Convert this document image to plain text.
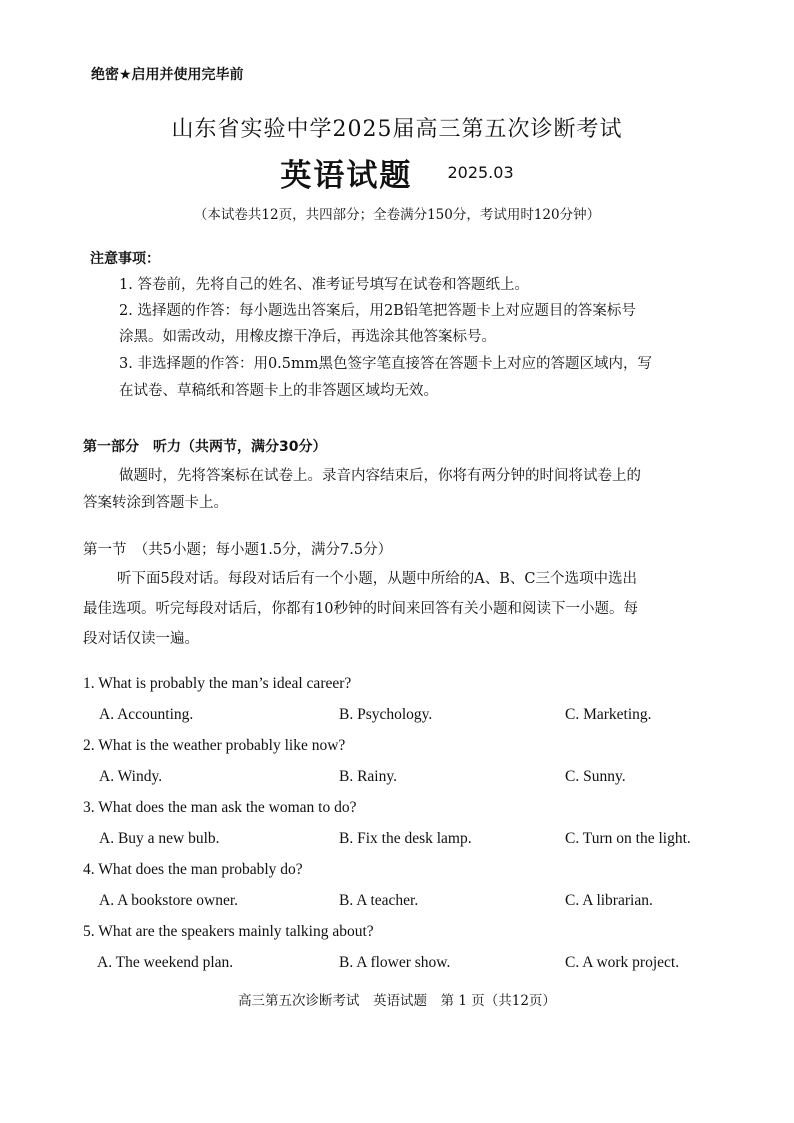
绝密★启用并使用完毕前
山东省实验中学2025届高三第五次诊断考试
英语试题 2025.03
（本试卷共12页，共四部分；全卷满分150分，考试用时120分钟）
注意事项：
1. 答卷前，先将自己的姓名、准考证号填写在试卷和答题纸上。
2. 选择题的作答：每小题选出答案后，用2B铅笔把答题卡上对应题目的答案标号
涂黑。如需改动，用橡皮擦干净后，再选涂其他答案标号。
3. 非选择题的作答：用0.5mm黑色签字笔直接答在答题卡上对应的答题区域内，写
在试卷、草稿纸和答题卡上的非答题区域均无效。
第一部分　听力（共两节，满分30分）
做题时，先将答案标在试卷上。录音内容结束后，你将有两分钟的时间将试卷上的
答案转涂到答题卡上。
第一节　（共5小题；每小题1.5分，满分7.5分）
听下面5段对话。每段对话后有一个小题，从题中所给的A、B、C三个选项中选出
最佳选项。听完每段对话后，你都有10秒钟的时间来回答有关小题和阅读下一小题。每
段对话仅读一遍。
1. What is probably the man’s ideal career?
A. Accounting.	B. Psychology.	C. Marketing.
2. What is the weather probably like now?
A. Windy.	B. Rainy.	C. Sunny.
3. What does the man ask the woman to do?
A. Buy a new bulb.	B. Fix the desk lamp.	C. Turn on the light.
4. What does the man probably do?
A. A bookstore owner.	B. A teacher.	C. A librarian.
5. What are the speakers mainly talking about?
A. The weekend plan.	B. A flower show.	C. A work project.
高三第五次诊断考试　英语试题　第 1 页（共12页）
